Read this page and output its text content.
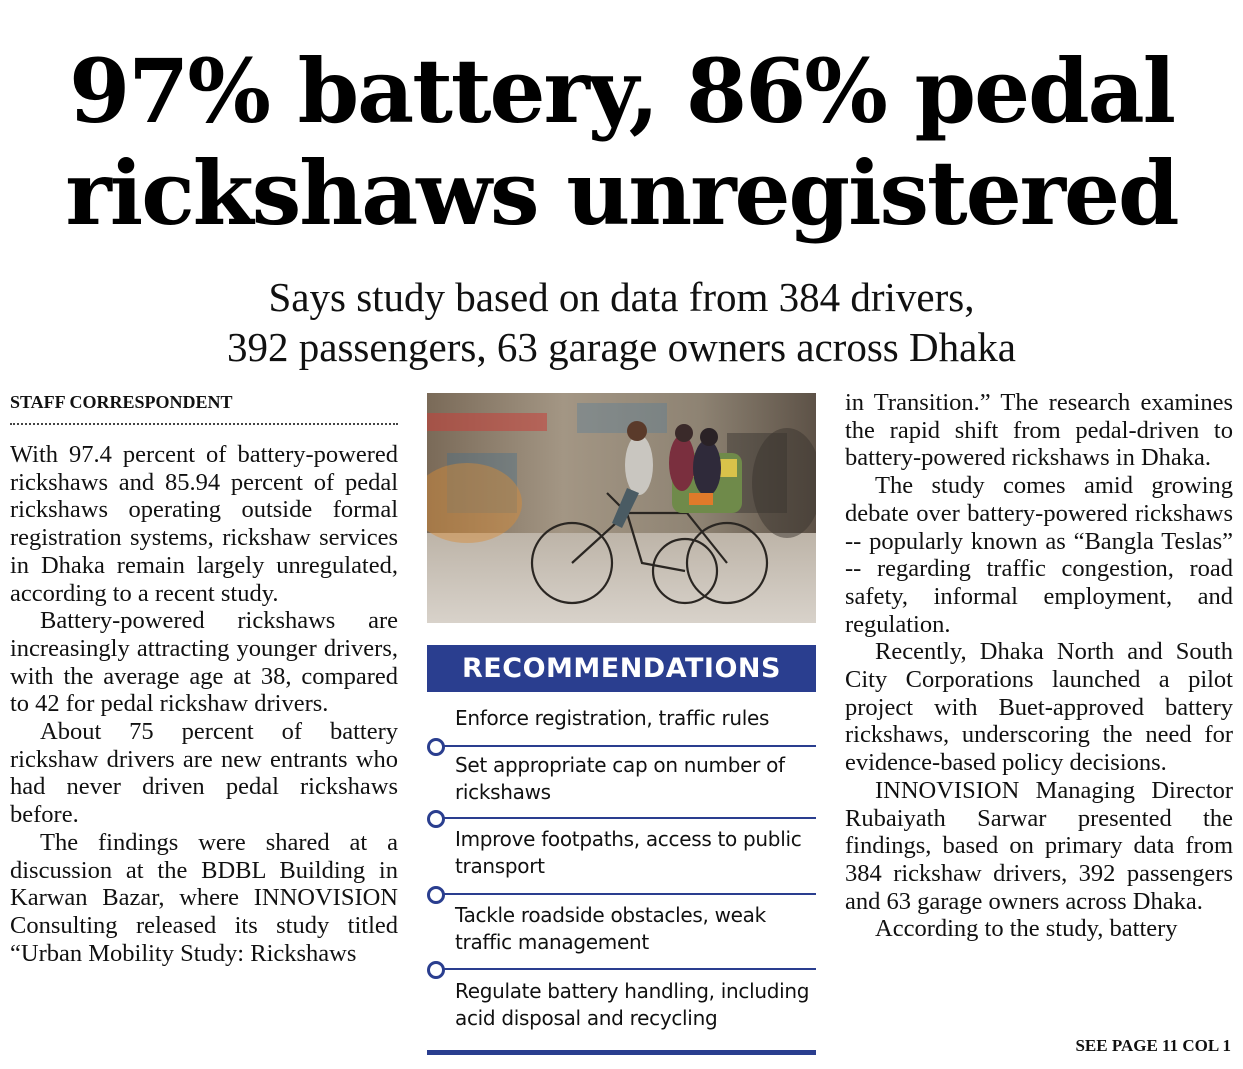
97% battery, 86% pedal
rickshaws unregistered
Says study based on data from 384 drivers,
392 passengers, 63 garage owners across Dhaka
STAFF CORRESPONDENT

With 97.4 percent of battery-powered rickshaws and 85.94 percent of pedal rickshaws operating outside formal registration systems, rickshaw services in Dhaka remain largely unregulated, according to a recent study.

Battery-powered rickshaws are increasingly attracting younger drivers, with the average age at 38, compared to 42 for pedal rickshaw drivers.

About 75 percent of battery rickshaw drivers are new entrants who had never driven pedal rickshaws before.

The findings were shared at a discussion at the BDBL Building in Karwan Bazar, where INNOVISION Consulting released its study titled “Urban Mobility Study: Rickshaws

RECOMMENDATIONS
Enforce registration, traffic rules
Set appropriate cap on number of rickshaws
Improve footpaths, access to public transport
Tackle roadside obstacles, weak traffic management
Regulate battery handling, including acid disposal and recycling

in Transition.” The research examines the rapid shift from pedal-driven to battery-powered rickshaws in Dhaka.

The study comes amid growing debate over battery-powered rickshaws -- popularly known as “Bangla Teslas” -- regarding traffic congestion, road safety, informal employment, and regulation.

Recently, Dhaka North and South City Corporations launched a pilot project with Buet-approved battery rickshaws, underscoring the need for evidence-based policy decisions.

INNOVISION Managing Director Rubaiyath Sarwar presented the findings, based on primary data from 384 rickshaw drivers, 392 passengers and 63 garage owners across Dhaka.

According to the study, battery

SEE PAGE 11 COL 1
